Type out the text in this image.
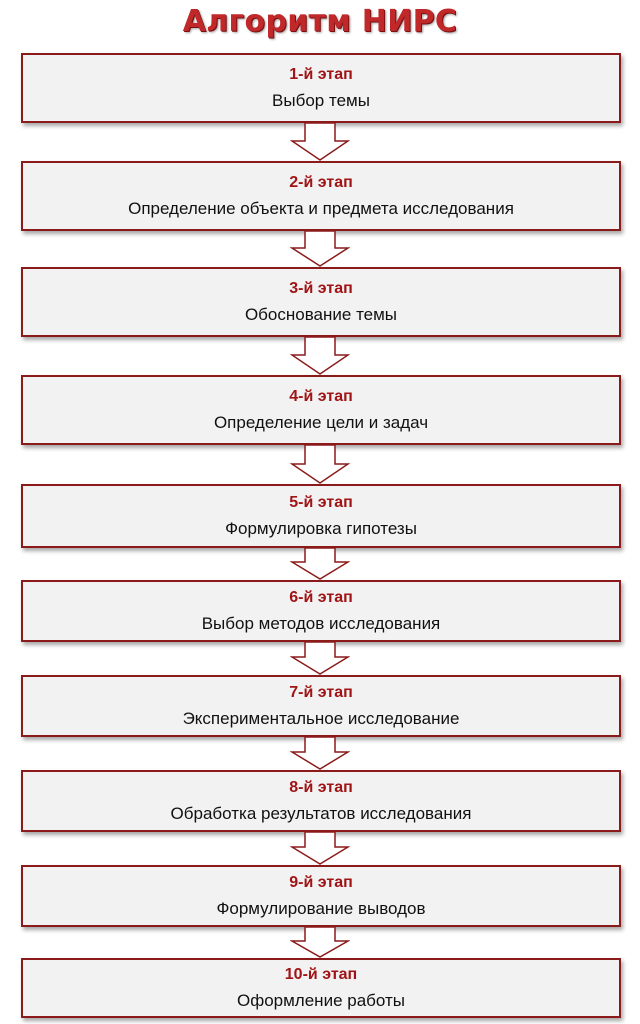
Алгоритм НИРС
1-й этап
Выбор темы
2-й этап
Определение объекта и предмета исследования
3-й этап
Обоснование темы
4-й этап
Определение цели и задач
5-й этап
Формулировка гипотезы
6-й этап
Выбор методов исследования
7-й этап
Экспериментальное исследование
8-й этап
Обработка результатов исследования
9-й этап
Формулирование выводов
10-й этап
Оформление работы
